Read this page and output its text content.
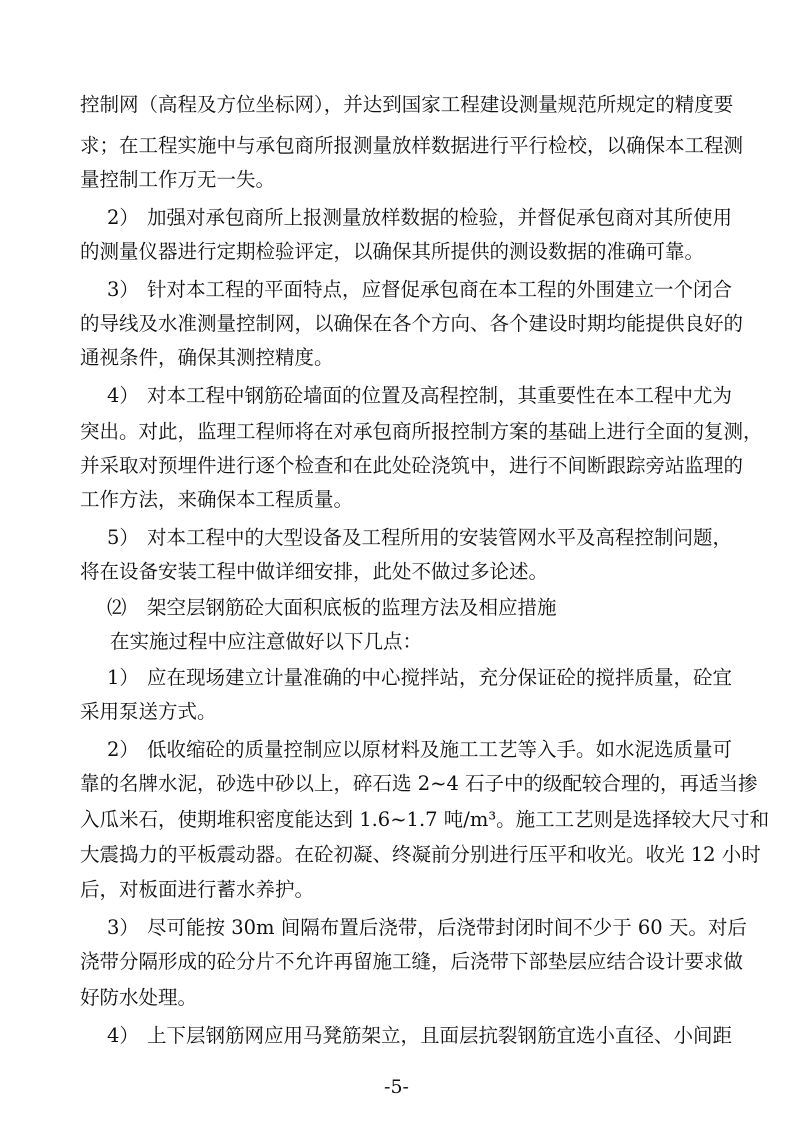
控制网（高程及方位坐标网），并达到国家工程建设测量规范所规定的精度要
求；在工程实施中与承包商所报测量放样数据进行平行检校，以确保本工程测
量控制工作万无一失。
2） 加强对承包商所上报测量放样数据的检验，并督促承包商对其所使用
的测量仪器进行定期检验评定，以确保其所提供的测设数据的准确可靠。
3） 针对本工程的平面特点，应督促承包商在本工程的外围建立一个闭合
的导线及水准测量控制网，以确保在各个方向、各个建设时期均能提供良好的
通视条件，确保其测控精度。
4） 对本工程中钢筋砼墙面的位置及高程控制，其重要性在本工程中尤为
突出。对此，监理工程师将在对承包商所报控制方案的基础上进行全面的复测，
并采取对预埋件进行逐个检查和在此处砼浇筑中，进行不间断跟踪旁站监理的
工作方法，来确保本工程质量。
5） 对本工程中的大型设备及工程所用的安装管网水平及高程控制问题，
将在设备安装工程中做详细安排，此处不做过多论述。
⑵ 架空层钢筋砼大面积底板的监理方法及相应措施
在实施过程中应注意做好以下几点：
1） 应在现场建立计量准确的中心搅拌站，充分保证砼的搅拌质量，砼宜
采用泵送方式。
2） 低收缩砼的质量控制应以原材料及施工工艺等入手。如水泥选质量可
靠的名牌水泥，砂选中砂以上，碎石选 2~4 石子中的级配较合理的，再适当掺
入瓜米石，使期堆积密度能达到 1.6~1.7 吨/m³。施工工艺则是选择较大尺寸和
大震捣力的平板震动器。在砼初凝、终凝前分别进行压平和收光。收光 12 小时
后，对板面进行蓄水养护。
3） 尽可能按 30m 间隔布置后浇带，后浇带封闭时间不少于 60 天。对后
浇带分隔形成的砼分片不允许再留施工缝，后浇带下部垫层应结合设计要求做
好防水处理。
4） 上下层钢筋网应用马凳筋架立，且面层抗裂钢筋宜选小直径、小间距
-5-
